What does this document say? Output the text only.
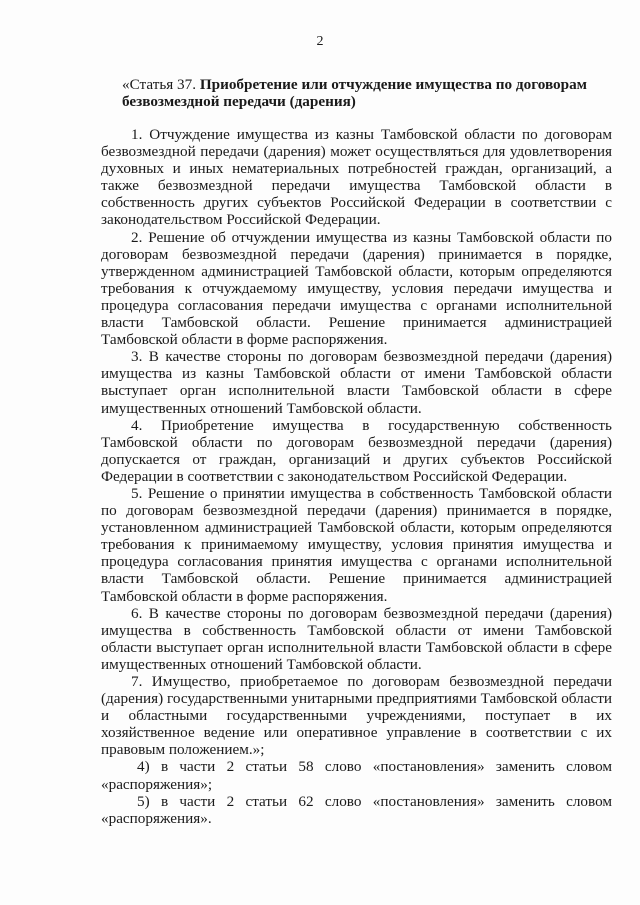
2
«Статья 37. Приобретение или отчуждение имущества по договорам безвозмездной передачи (дарения)

1. Отчуждение имущества из казны Тамбовской области по договорам безвозмездной передачи (дарения) может осуществляться для удовлетворения духовных и иных нематериальных потребностей граждан, организаций, а также безвозмездной передачи имущества Тамбовской области в собственность других субъектов Российской Федерации в соответствии с законодательством Российской Федерации.

2. Решение об отчуждении имущества из казны Тамбовской области по договорам безвозмездной передачи (дарения) принимается в порядке, утвержденном администрацией Тамбовской области, которым определяются требования к отчуждаемому имуществу, условия передачи имущества и процедура согласования передачи имущества с органами исполнительной власти Тамбовской области. Решение принимается администрацией Тамбовской области в форме распоряжения.

3. В качестве стороны по договорам безвозмездной передачи (дарения) имущества из казны Тамбовской области от имени Тамбовской области выступает орган исполнительной власти Тамбовской области в сфере имущественных отношений Тамбовской области.

4. Приобретение имущества в государственную собственность Тамбовской области по договорам безвозмездной передачи (дарения) допускается от граждан, организаций и других субъектов Российской Федерации в соответствии с законодательством Российской Федерации.

5. Решение о принятии имущества в собственность Тамбовской области по договорам безвозмездной передачи (дарения) принимается в порядке, установленном администрацией Тамбовской области, которым определяются требования к принимаемому имуществу, условия принятия имущества и процедура согласования принятия имущества с органами исполнительной власти Тамбовской области. Решение принимается администрацией Тамбовской области в форме распоряжения.

6. В качестве стороны по договорам безвозмездной передачи (дарения) имущества в собственность Тамбовской области от имени Тамбовской области выступает орган исполнительной власти Тамбовской области в сфере имущественных отношений Тамбовской области.

7. Имущество, приобретаемое по договорам безвозмездной передачи (дарения) государственными унитарными предприятиями Тамбовской области и областными государственными учреждениями, поступает в их хозяйственное ведение или оперативное управление в соответствии с их правовым положением.»;

4) в части 2 статьи 58 слово «постановления» заменить словом «распоряжения»;

5) в части 2 статьи 62 слово «постановления» заменить словом «распоряжения».
